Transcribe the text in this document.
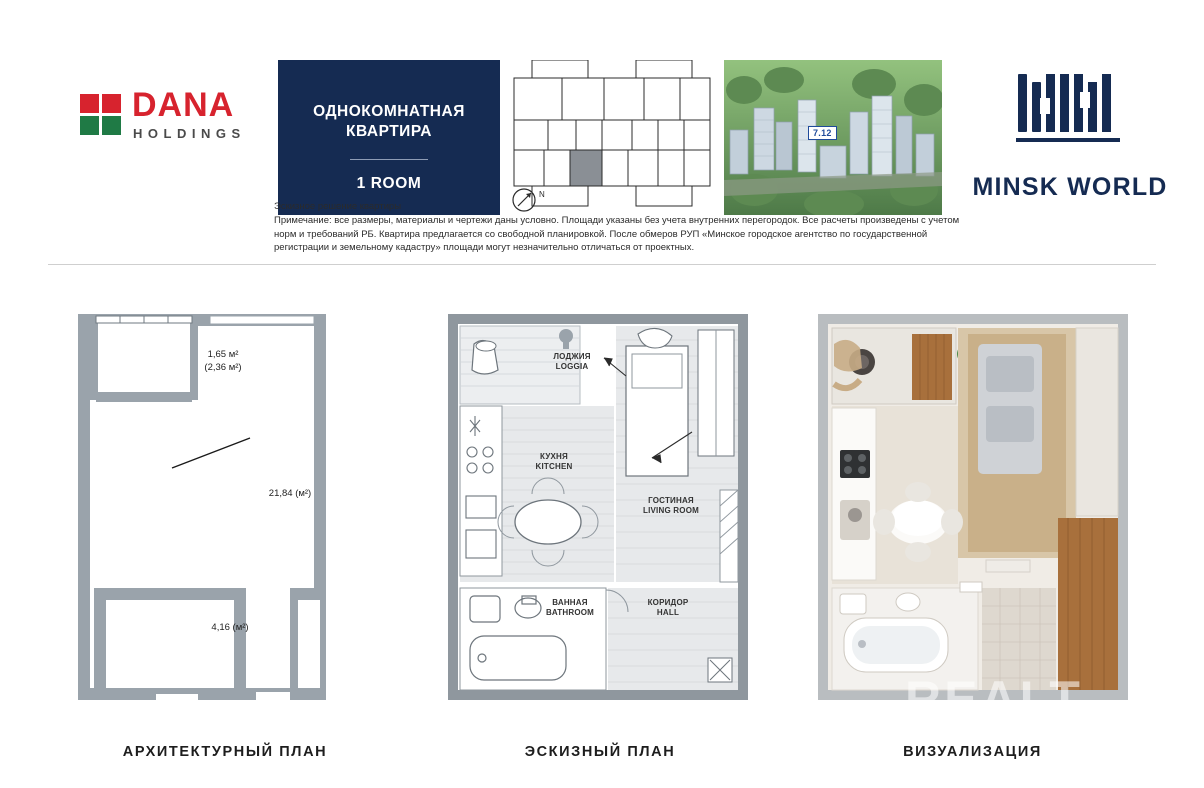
DANA
HOLDINGS
ОДНОКОМНАТНАЯ
КВАРТИРА
1 ROOM
N
7.12
MINSK WORLD
Эскизное решение квартиры
Примечание: все размеры, материалы и чертежи даны условно. Площади указаны без учета внутренних перегородок. Все расчеты произведены с учетом норм и требований РБ. Квартира предлагается со свободной планировкой. После обмеров РУП «Минское городское агентство по государственной регистрации и земельному кадастру» площади могут незначительно отличаться от проектных.
1,65 м²
(2,36 м²)
21,84 (м²)
4,16 (м²)
АРХИТЕКТУРНЫЙ ПЛАН
ЛОДЖИЯ
LOGGIA
КУХНЯ
KITCHEN
ГОСТИНАЯ
LIVING ROOM
ВАННАЯ
BATHROOM
КОРИДОР
HALL
ЭСКИЗНЫЙ ПЛАН
REALT
ВИЗУАЛИЗАЦИЯ
